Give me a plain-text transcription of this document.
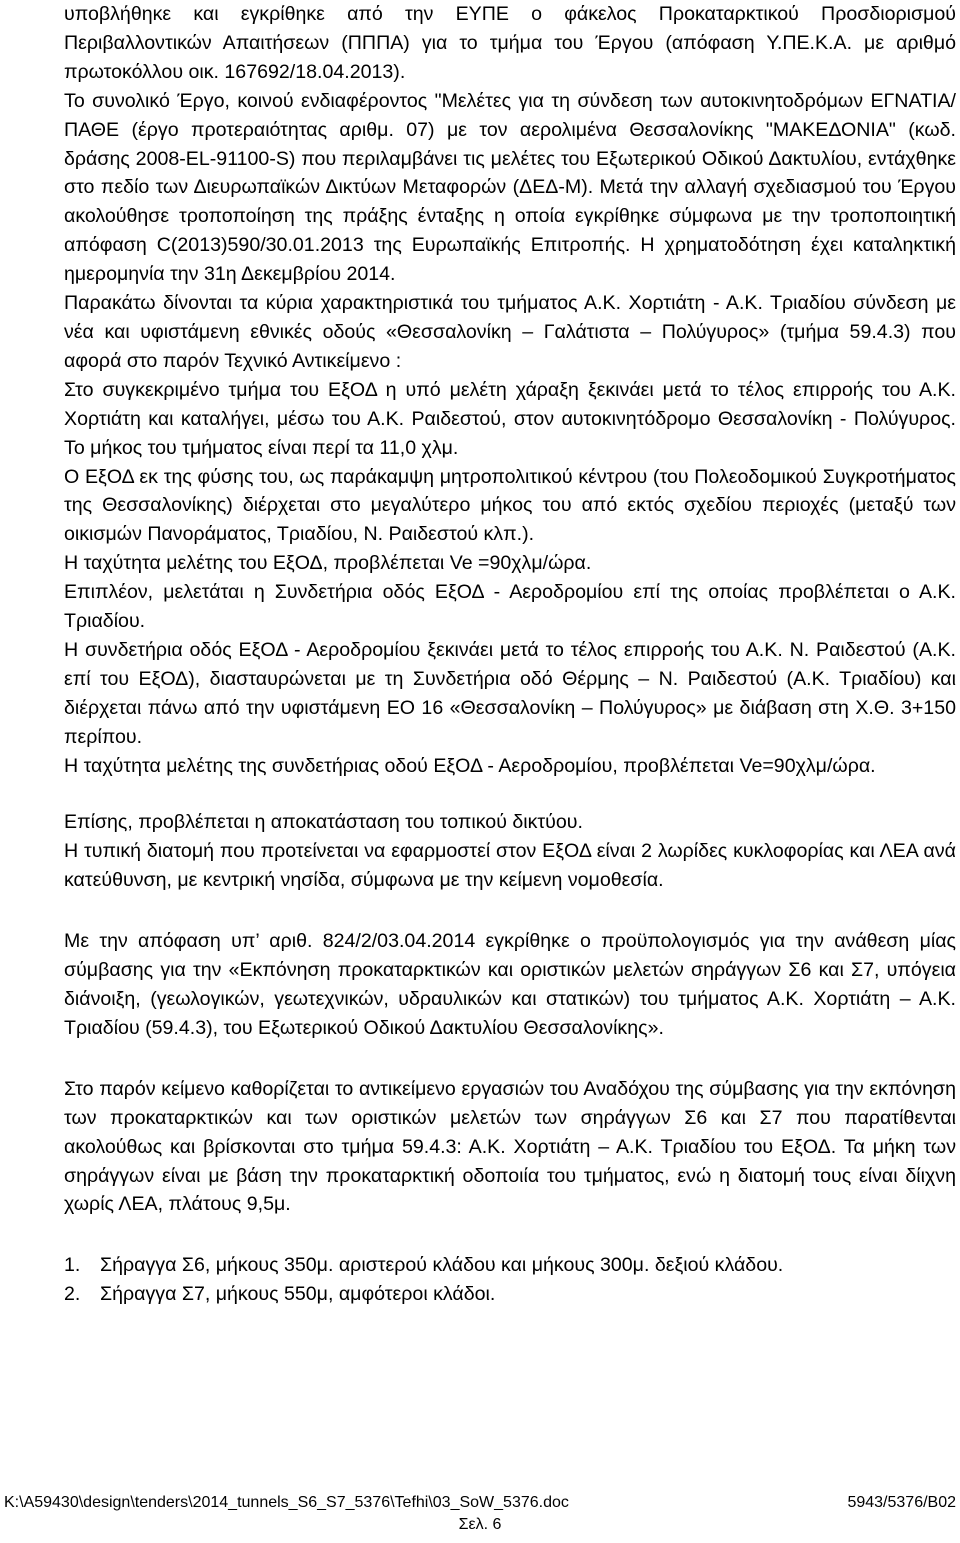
υποβλήθηκε και εγκρίθηκε από την ΕΥΠΕ ο φάκελος Προκαταρκτικού Προσδιορισμού Περιβαλλοντικών Απαιτήσεων (ΠΠΠΑ) για το τμήμα του Έργου (απόφαση Υ.ΠΕ.Κ.Α. με αριθμό πρωτοκόλλου οικ. 167692/18.04.2013).

Το συνολικό Έργο, κοινού ενδιαφέροντος "Μελέτες για τη σύνδεση των αυτοκινητοδρόμων ΕΓΝΑΤΙΑ/ΠΑΘΕ (έργο προτεραιότητας αριθμ. 07) με τον αερολιμένα Θεσσαλονίκης "ΜΑΚΕΔΟΝΙΑ" (κωδ. δράσης 2008-EL-91100-S) που περιλαμβάνει τις μελέτες του Εξωτερικού Οδικού Δακτυλίου, εντάχθηκε στο πεδίο των Διευρωπαϊκών Δικτύων Μεταφορών (ΔΕΔ-Μ). Μετά την αλλαγή σχεδιασμού του Έργου ακολούθησε τροποποίηση της πράξης ένταξης η οποία εγκρίθηκε σύμφωνα με την τροποποιητική απόφαση C(2013)590/30.01.2013 της Ευρωπαϊκής Επιτροπής. Η χρηματοδότηση έχει καταληκτική ημερομηνία την 31η Δεκεμβρίου 2014.

Παρακάτω δίνονται τα κύρια χαρακτηριστικά του τμήματος Α.Κ. Χορτιάτη - Α.Κ. Τριαδίου σύνδεση με νέα και υφιστάμενη εθνικές οδούς «Θεσσαλονίκη – Γαλάτιστα – Πολύγυρος» (τμήμα 59.4.3) που αφορά στο παρόν Τεχνικό Αντικείμενο :

Στο συγκεκριμένο τμήμα του ΕξΟΔ η υπό μελέτη χάραξη ξεκινάει μετά το τέλος επιρροής του Α.Κ. Χορτιάτη και καταλήγει, μέσω του Α.Κ. Ραιδεστού, στον αυτοκινητόδρομο Θεσσαλονίκη - Πολύγυρος. Το μήκος του τμήματος είναι περί τα 11,0 χλμ.

Ο ΕξΟΔ εκ της φύσης του, ως παράκαμψη μητροπολιτικού κέντρου (του Πολεοδομικού Συγκροτήματος της Θεσσαλονίκης) διέρχεται στο μεγαλύτερο μήκος του από εκτός σχεδίου περιοχές (μεταξύ των οικισμών Πανοράματος, Τριαδίου, Ν. Ραιδεστού κλπ.).

Η ταχύτητα μελέτης του ΕξΟΔ, προβλέπεται Ve =90χλμ/ώρα.

Επιπλέον, μελετάται η Συνδετήρια οδός ΕξΟΔ - Αεροδρομίου επί της οποίας προβλέπεται ο Α.Κ. Τριαδίου.

Η συνδετήρια οδός ΕξΟΔ - Αεροδρομίου ξεκινάει μετά το τέλος επιρροής του Α.Κ. Ν. Ραιδεστού (Α.Κ. επί του ΕξΟΔ), διασταυρώνεται με τη Συνδετήρια οδό Θέρμης – Ν. Ραιδεστού (Α.Κ. Τριαδίου) και διέρχεται πάνω από την υφιστάμενη ΕΟ 16 «Θεσσαλονίκη – Πολύγυρος» με διάβαση στη Χ.Θ. 3+150 περίπου.

Η ταχύτητα μελέτης της συνδετήριας οδού ΕξΟΔ - Αεροδρομίου, προβλέπεται Ve=90χλμ/ώρα.

Επίσης, προβλέπεται η αποκατάσταση του τοπικού δικτύου.

Η τυπική διατομή που προτείνεται να εφαρμοστεί στον ΕξΟΔ είναι 2 λωρίδες κυκλοφορίας και ΛΕΑ ανά κατεύθυνση, με κεντρική νησίδα, σύμφωνα με την κείμενη νομοθεσία.

Με την απόφαση υπ’ αριθ. 824/2/03.04.2014 εγκρίθηκε ο προϋπολογισμός για την ανάθεση μίας σύμβασης για την «Εκπόνηση προκαταρκτικών και οριστικών μελετών σηράγγων Σ6 και Σ7, υπόγεια διάνοιξη, (γεωλογικών, γεωτεχνικών, υδραυλικών και στατικών) του τμήματος Α.Κ. Χορτιάτη – Α.Κ. Τριαδίου (59.4.3), του Εξωτερικού Οδικού Δακτυλίου Θεσσαλονίκης».

Στο παρόν κείμενο καθορίζεται το αντικείμενο εργασιών του Αναδόχου της σύμβασης για την εκπόνηση των προκαταρκτικών και των οριστικών μελετών των σηράγγων Σ6 και Σ7 που παρατίθενται ακολούθως και βρίσκονται στο τμήμα 59.4.3: Α.Κ. Χορτιάτη – Α.Κ. Τριαδίου του ΕξΟΔ. Τα μήκη των σηράγγων είναι με βάση την προκαταρκτική οδοποιία του τμήματος, ενώ η διατομή τους είναι δίιχνη χωρίς ΛΕΑ, πλάτους 9,5μ.

1.	Σήραγγα Σ6, μήκους 350μ. αριστερού κλάδου και μήκους 300μ. δεξιού κλάδου.
2.	Σήραγγα Σ7, μήκους 550μ, αμφότεροι κλάδοι.
K:\A59430\design\tenders\2014_tunnels_S6_S7_5376\Tefhi\03_SoW_5376.doc	5943/5376/B02
Σελ. 6
